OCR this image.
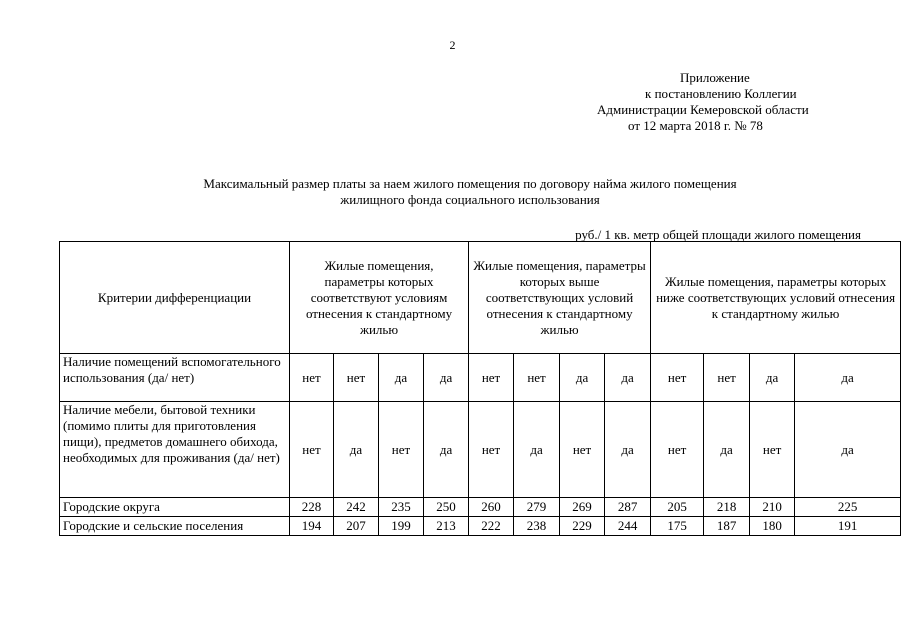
2
Приложение
к постановлению Коллегии
Администрации Кемеровской области
от 12 марта 2018 г. № 78
Максимальный размер платы за наем жилого помещения по договору найма жилого помещения
жилищного фонда социального использования
руб./ 1 кв. метр общей площади жилого помещения
Критерии дифференциации	Жилые помещения, параметры которых соответствуют условиям отнесения к стандартному жилью				Жилые помещения, параметры которых выше соответствующих условий отнесения к стандартному жилью				Жилые помещения, параметры которых ниже соответствующих условий отнесения к стандартному жилью			
Наличие помещений вспомогательного использования (да/ нет)	нет	нет	да	да	нет	нет	да	да	нет	нет	да	да
Наличие мебели, бытовой техники (помимо плиты для приготовления пищи), предметов домашнего обихода, необходимых для проживания (да/ нет)	нет	да	нет	да	нет	да	нет	да	нет	да	нет	да
Городские округа	228	242	235	250	260	279	269	287	205	218	210	225
Городские и сельские поселения	194	207	199	213	222	238	229	244	175	187	180	191
